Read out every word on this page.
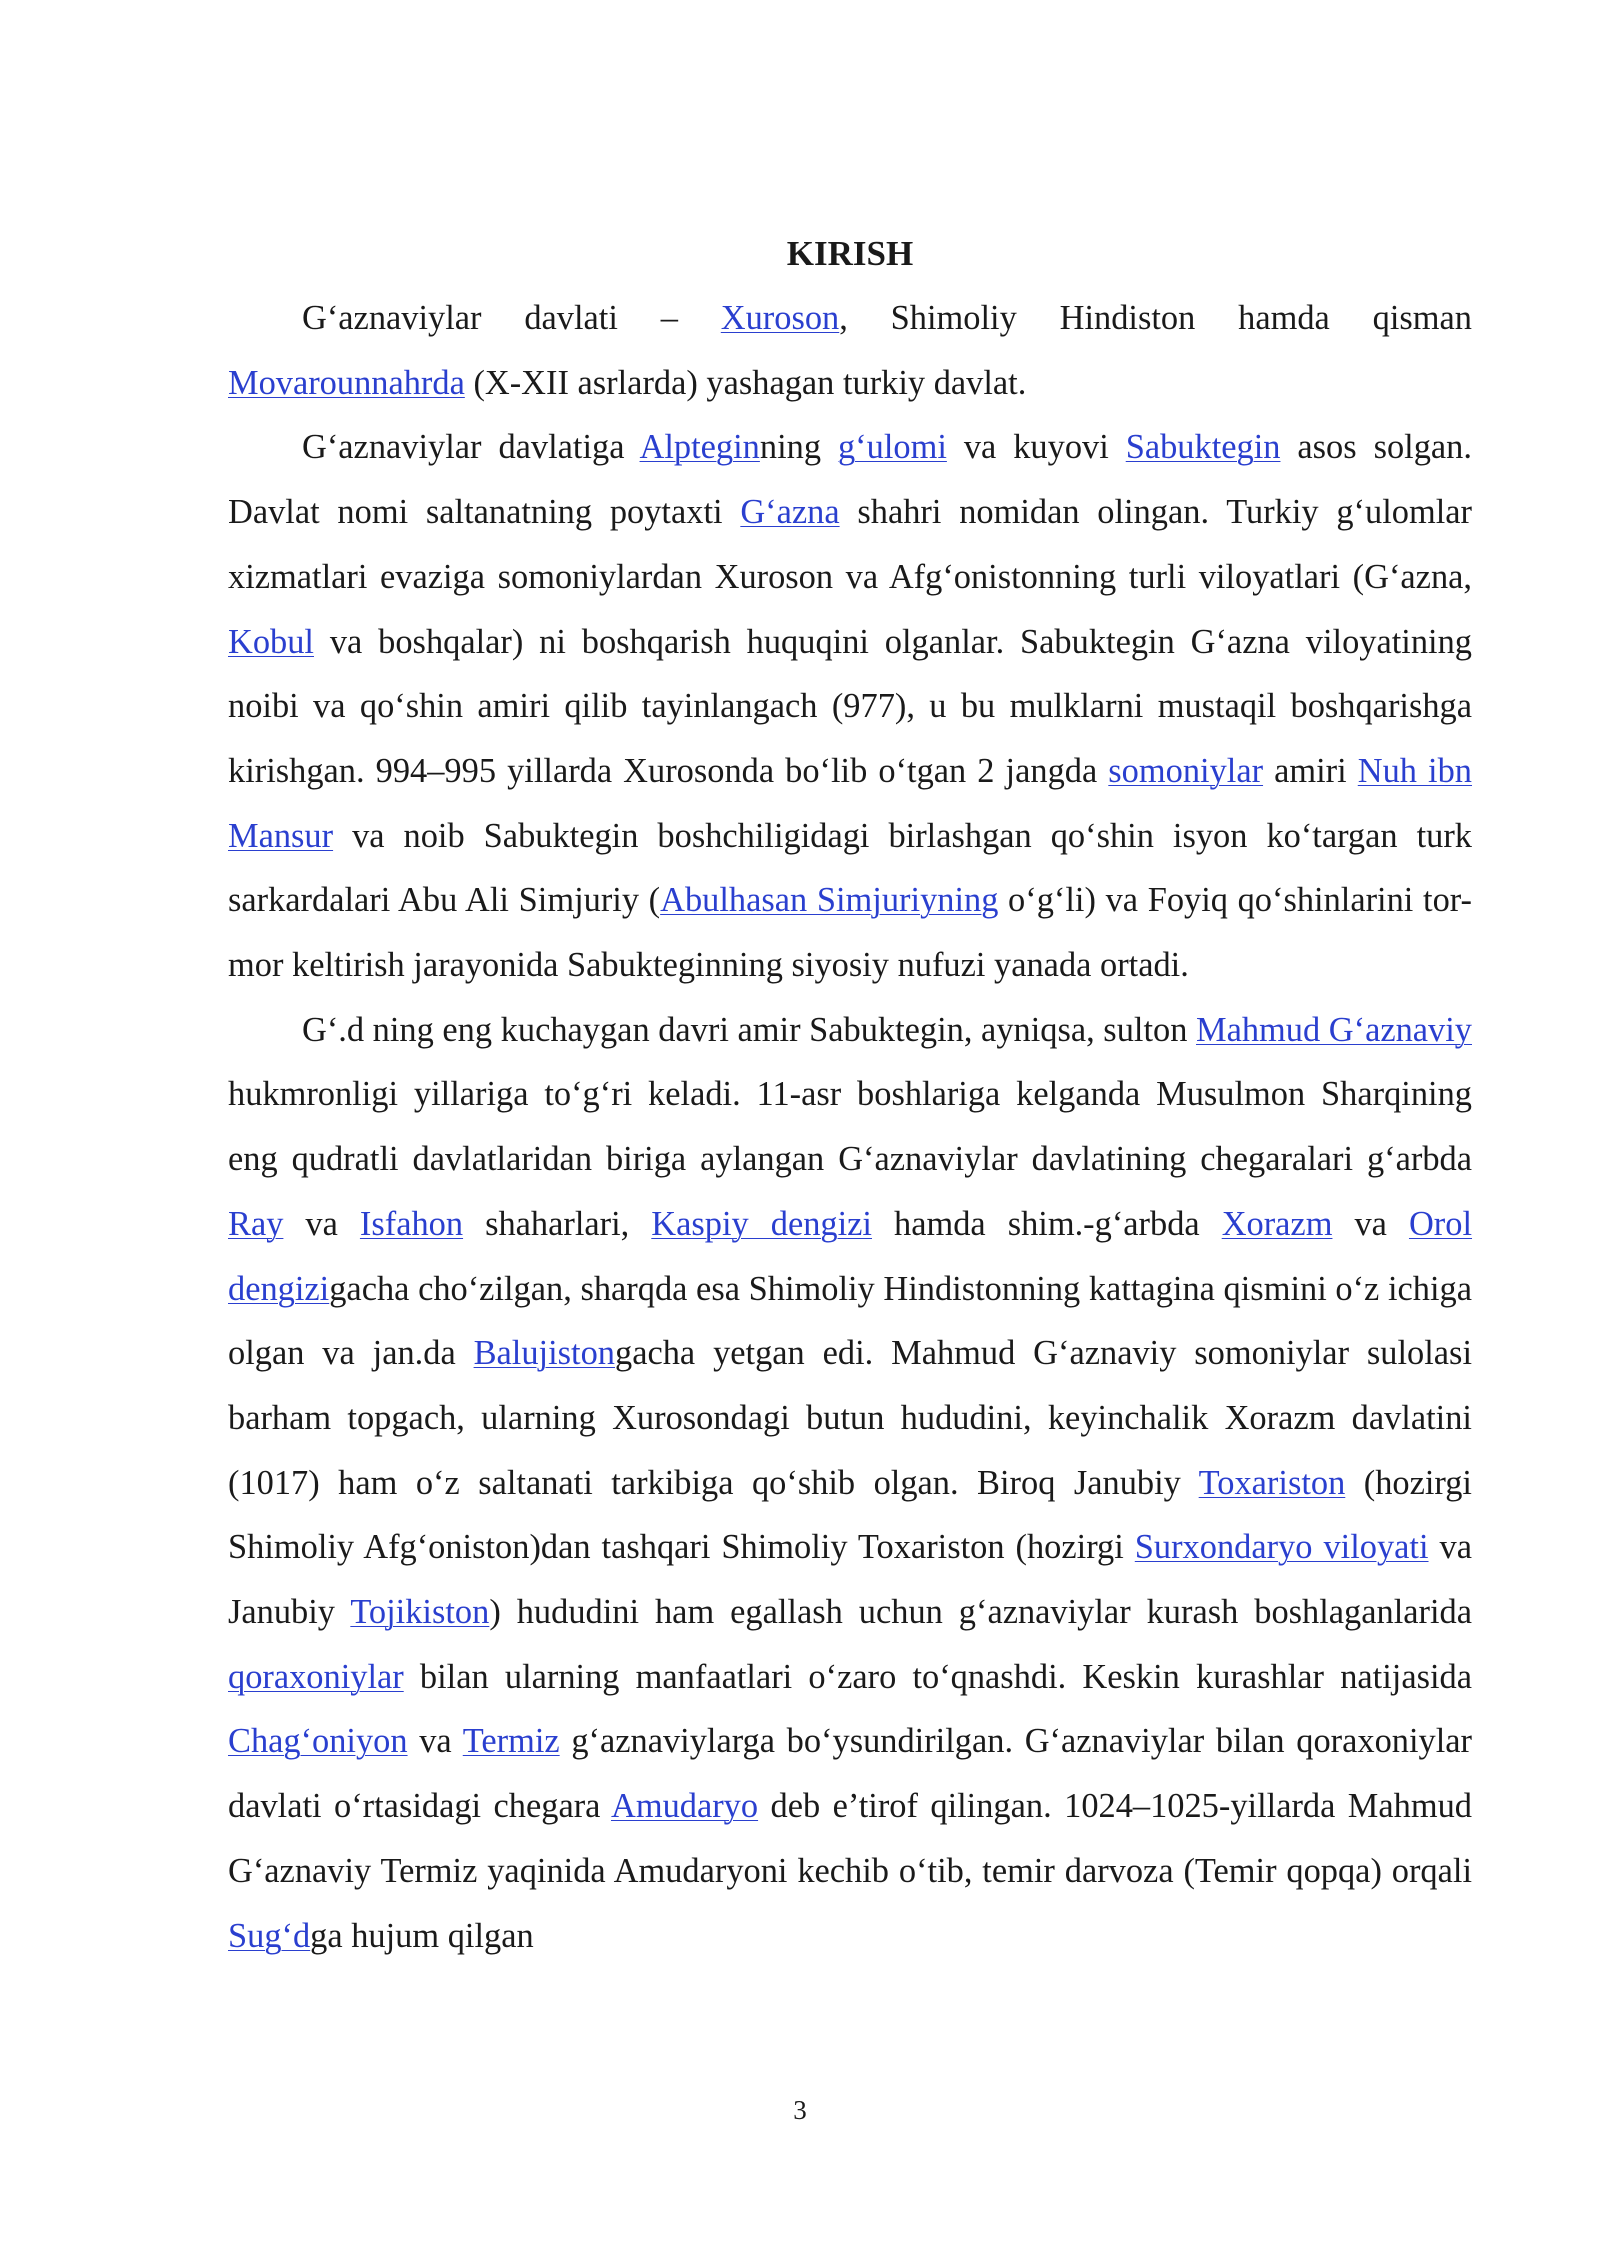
KIRISH

G‘aznaviylar davlati – Xuroson, Shimoliy Hindiston hamda qisman Movarounnahrda (X-XII asrlarda) yashagan turkiy davlat.

G‘aznaviylar davlatiga Alpteginning g‘ulomi va kuyovi Sabuktegin asos solgan. Davlat nomi saltanatning poytaxti G‘azna shahri nomidan olingan. Turkiy g‘ulomlar xizmatlari evaziga somoniylardan Xuroson va Afg‘onistonning turli viloyatlari (G‘azna, Kobul va boshqalar) ni boshqarish huquqini olganlar. Sabuktegin G‘azna viloyatining noibi va qo‘shin amiri qilib tayinlangach (977), u bu mulklarni mustaqil boshqarishga kirishgan. 994–995 yillarda Xurosonda bo‘lib o‘tgan 2 jangda somoniylar amiri Nuh ibn Mansur va noib Sabuktegin boshchiligidagi birlashgan qo‘shin isyon ko‘targan turk sarkardalari Abu Ali Simjuriy (Abulhasan Simjuriyning o‘g‘li) va Foyiq qo‘shinlarini tor-mor keltirish jarayonida Sabukteginning siyosiy nufuzi yanada ortadi.

G‘.d ning eng kuchaygan davri amir Sabuktegin, ayniqsa, sulton Mahmud G‘aznaviy hukmronligi yillariga to‘g‘ri keladi. 11-asr boshlariga kelganda Musulmon Sharqining eng qudratli davlatlaridan biriga aylangan G‘aznaviylar davlatining chegaralari g‘arbda Ray va Isfahon shaharlari, Kaspiy dengizi hamda shim.-g‘arbda Xorazm va Orol dengizigacha cho‘zilgan, sharqda esa Shimoliy Hindistonning kattagina qismini o‘z ichiga olgan va jan.da Balujistongacha yetgan edi. Mahmud G‘aznaviy somoniylar sulolasi barham topgach, ularning Xurosondagi butun hududini, keyinchalik Xorazm davlatini (1017) ham o‘z saltanati tarkibiga qo‘shib olgan. Biroq Janubiy Toxariston (hozirgi Shimoliy Afg‘oniston)dan tashqari Shimoliy Toxariston (hozirgi Surxondaryo viloyati va Janubiy Tojikiston) hududini ham egallash uchun g‘aznaviylar kurash boshlaganlarida qoraxoniylar bilan ularning manfaatlari o‘zaro to‘qnashdi. Keskin kurashlar natijasida Chag‘oniyon va Termiz g‘aznaviylarga bo‘ysundirilgan. G‘aznaviylar bilan qoraxoniylar davlati o‘rtasidagi chegara Amudaryo deb e’tirof qilingan. 1024–1025-yillarda Mahmud G‘aznaviy Termiz yaqinida Amudaryoni kechib o‘tib, temir darvoza (Temir qopqa) orqali Sug‘dga hujum qilgan

3
